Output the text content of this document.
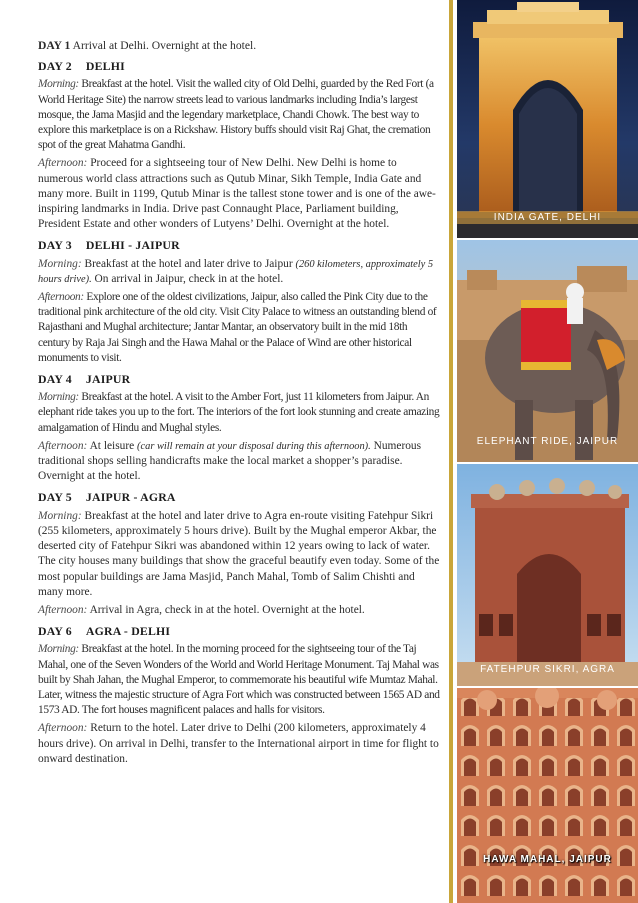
DAY 1 Arrival at Delhi. Overnight at the hotel.
DAY 2 DELHI

Morning: Breakfast at the hotel. Visit the walled city of Old Delhi, guarded by the Red Fort (a World Heritage Site) the narrow streets lead to various landmarks including India’s largest mosque, the Jama Masjid and the legendary marketplace, Chandi Chowk. The best way to explore this marketplace is on a Rickshaw. History buffs should visit Raj Ghat, the cremation spot of the great Mahatma Gandhi.

Afternoon: Proceed for a sightseeing tour of New Delhi. New Delhi is home to numerous world class attractions such as Qutub Minar, Sikh Temple, India Gate and many more. Built in 1199, Qutub Minar is the tallest stone tower and is one of the awe-inspiring landmarks in India. Drive past Connaught Place, Parliament building, President Estate and other wonders of Lutyens’ Delhi. Overnight at the hotel.

DAY 3 DELHI - JAIPUR

Morning: Breakfast at the hotel and later drive to Jaipur (260 kilometers, approximately 5 hours drive). On arrival in Jaipur, check in at the hotel.

Afternoon: Explore one of the oldest civilizations, Jaipur, also called the Pink City due to the traditional pink architecture of the old city. Visit City Palace to witness an outstanding blend of Rajasthani and Mughal architecture; Jantar Mantar, an observatory built in the mid 18th century by Raja Jai Singh and the Hawa Mahal or the Palace of Wind are other historical monuments to visit.

DAY 4 JAIPUR

Morning: Breakfast at the hotel. A visit to the Amber Fort, just 11 kilometers from Jaipur. An elephant ride takes you up to the fort. The interiors of the fort look stunning and create amazing amalgamation of Hindu and Mughal styles.

Afternoon: At leisure (car will remain at your disposal during this afternoon). Numerous traditional shops selling handicrafts make the local market a shopper’s paradise. Overnight at the hotel.

DAY 5 JAIPUR - AGRA

Morning: Breakfast at the hotel and later drive to Agra en-route visiting Fatehpur Sikri (255 kilometers, approximately 5 hours drive). Built by the Mughal emperor Akbar, the deserted city of Fatehpur Sikri was abandoned within 12 years owing to lack of water. The city houses many buildings that show the graceful beautify even today. Some of the most popular buildings are Jama Masjid, Panch Mahal, Tomb of Salim Chishti and many more.

Afternoon: Arrival in Agra, check in at the hotel. Overnight at the hotel.

DAY 6 AGRA - DELHI

Morning: Breakfast at the hotel. In the morning proceed for the sightseeing tour of the Taj Mahal, one of the Seven Wonders of the World and World Heritage Monument. Taj Mahal was built by Shah Jahan, the Mughal Emperor, to commemorate his beautiful wife Mumtaz Mahal. Later, witness the majestic structure of Agra Fort which was constructed between 1565 AD and 1573 AD. The fort houses magnificent palaces and halls for visitors.

Afternoon: Return to the hotel. Later drive to Delhi (200 kilometers, approximately 4 hours drive). On arrival in Delhi, transfer to the International airport in time for flight to onward destination.

INDIA GATE, DELHI
ELEPHANT RIDE, JAIPUR
FATEHPUR SIKRI, AGRA
HAWA MAHAL, JAIPUR
